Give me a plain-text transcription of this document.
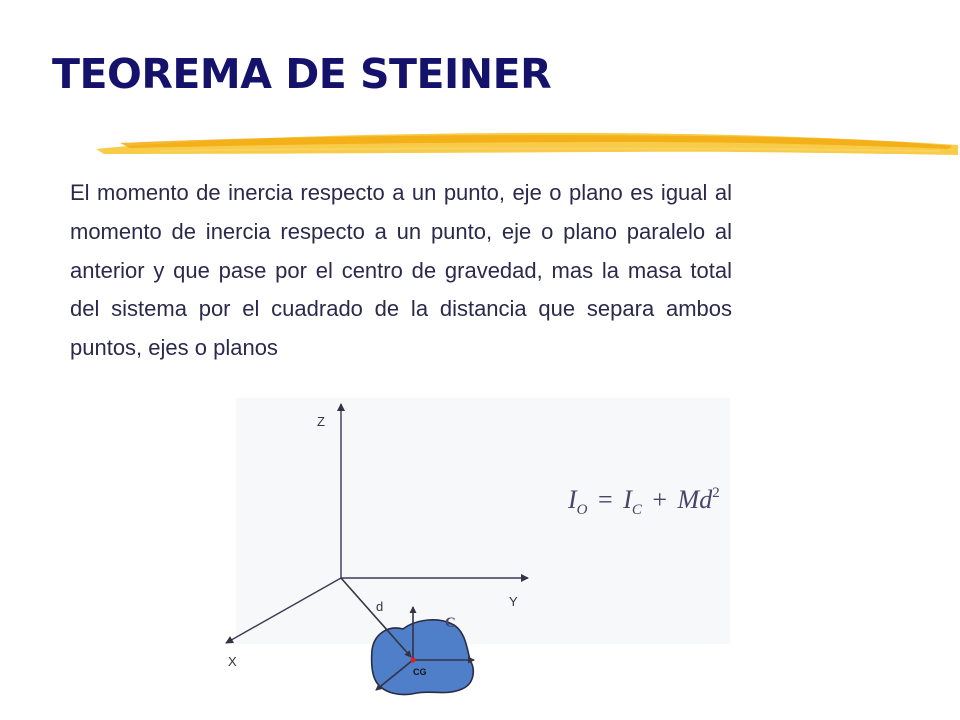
TEOREMA DE STEINER

El momento de inercia respecto a un punto, eje o plano es igual al momento de inercia respecto a un punto, eje o plano paralelo al anterior y que pase por el centro de gravedad, mas la masa total del sistema por el cuadrado de la distancia que separa ambos puntos, ejes o planos

Z
Y
X
d
C
CG
$I_O = I_C + Md^2$
